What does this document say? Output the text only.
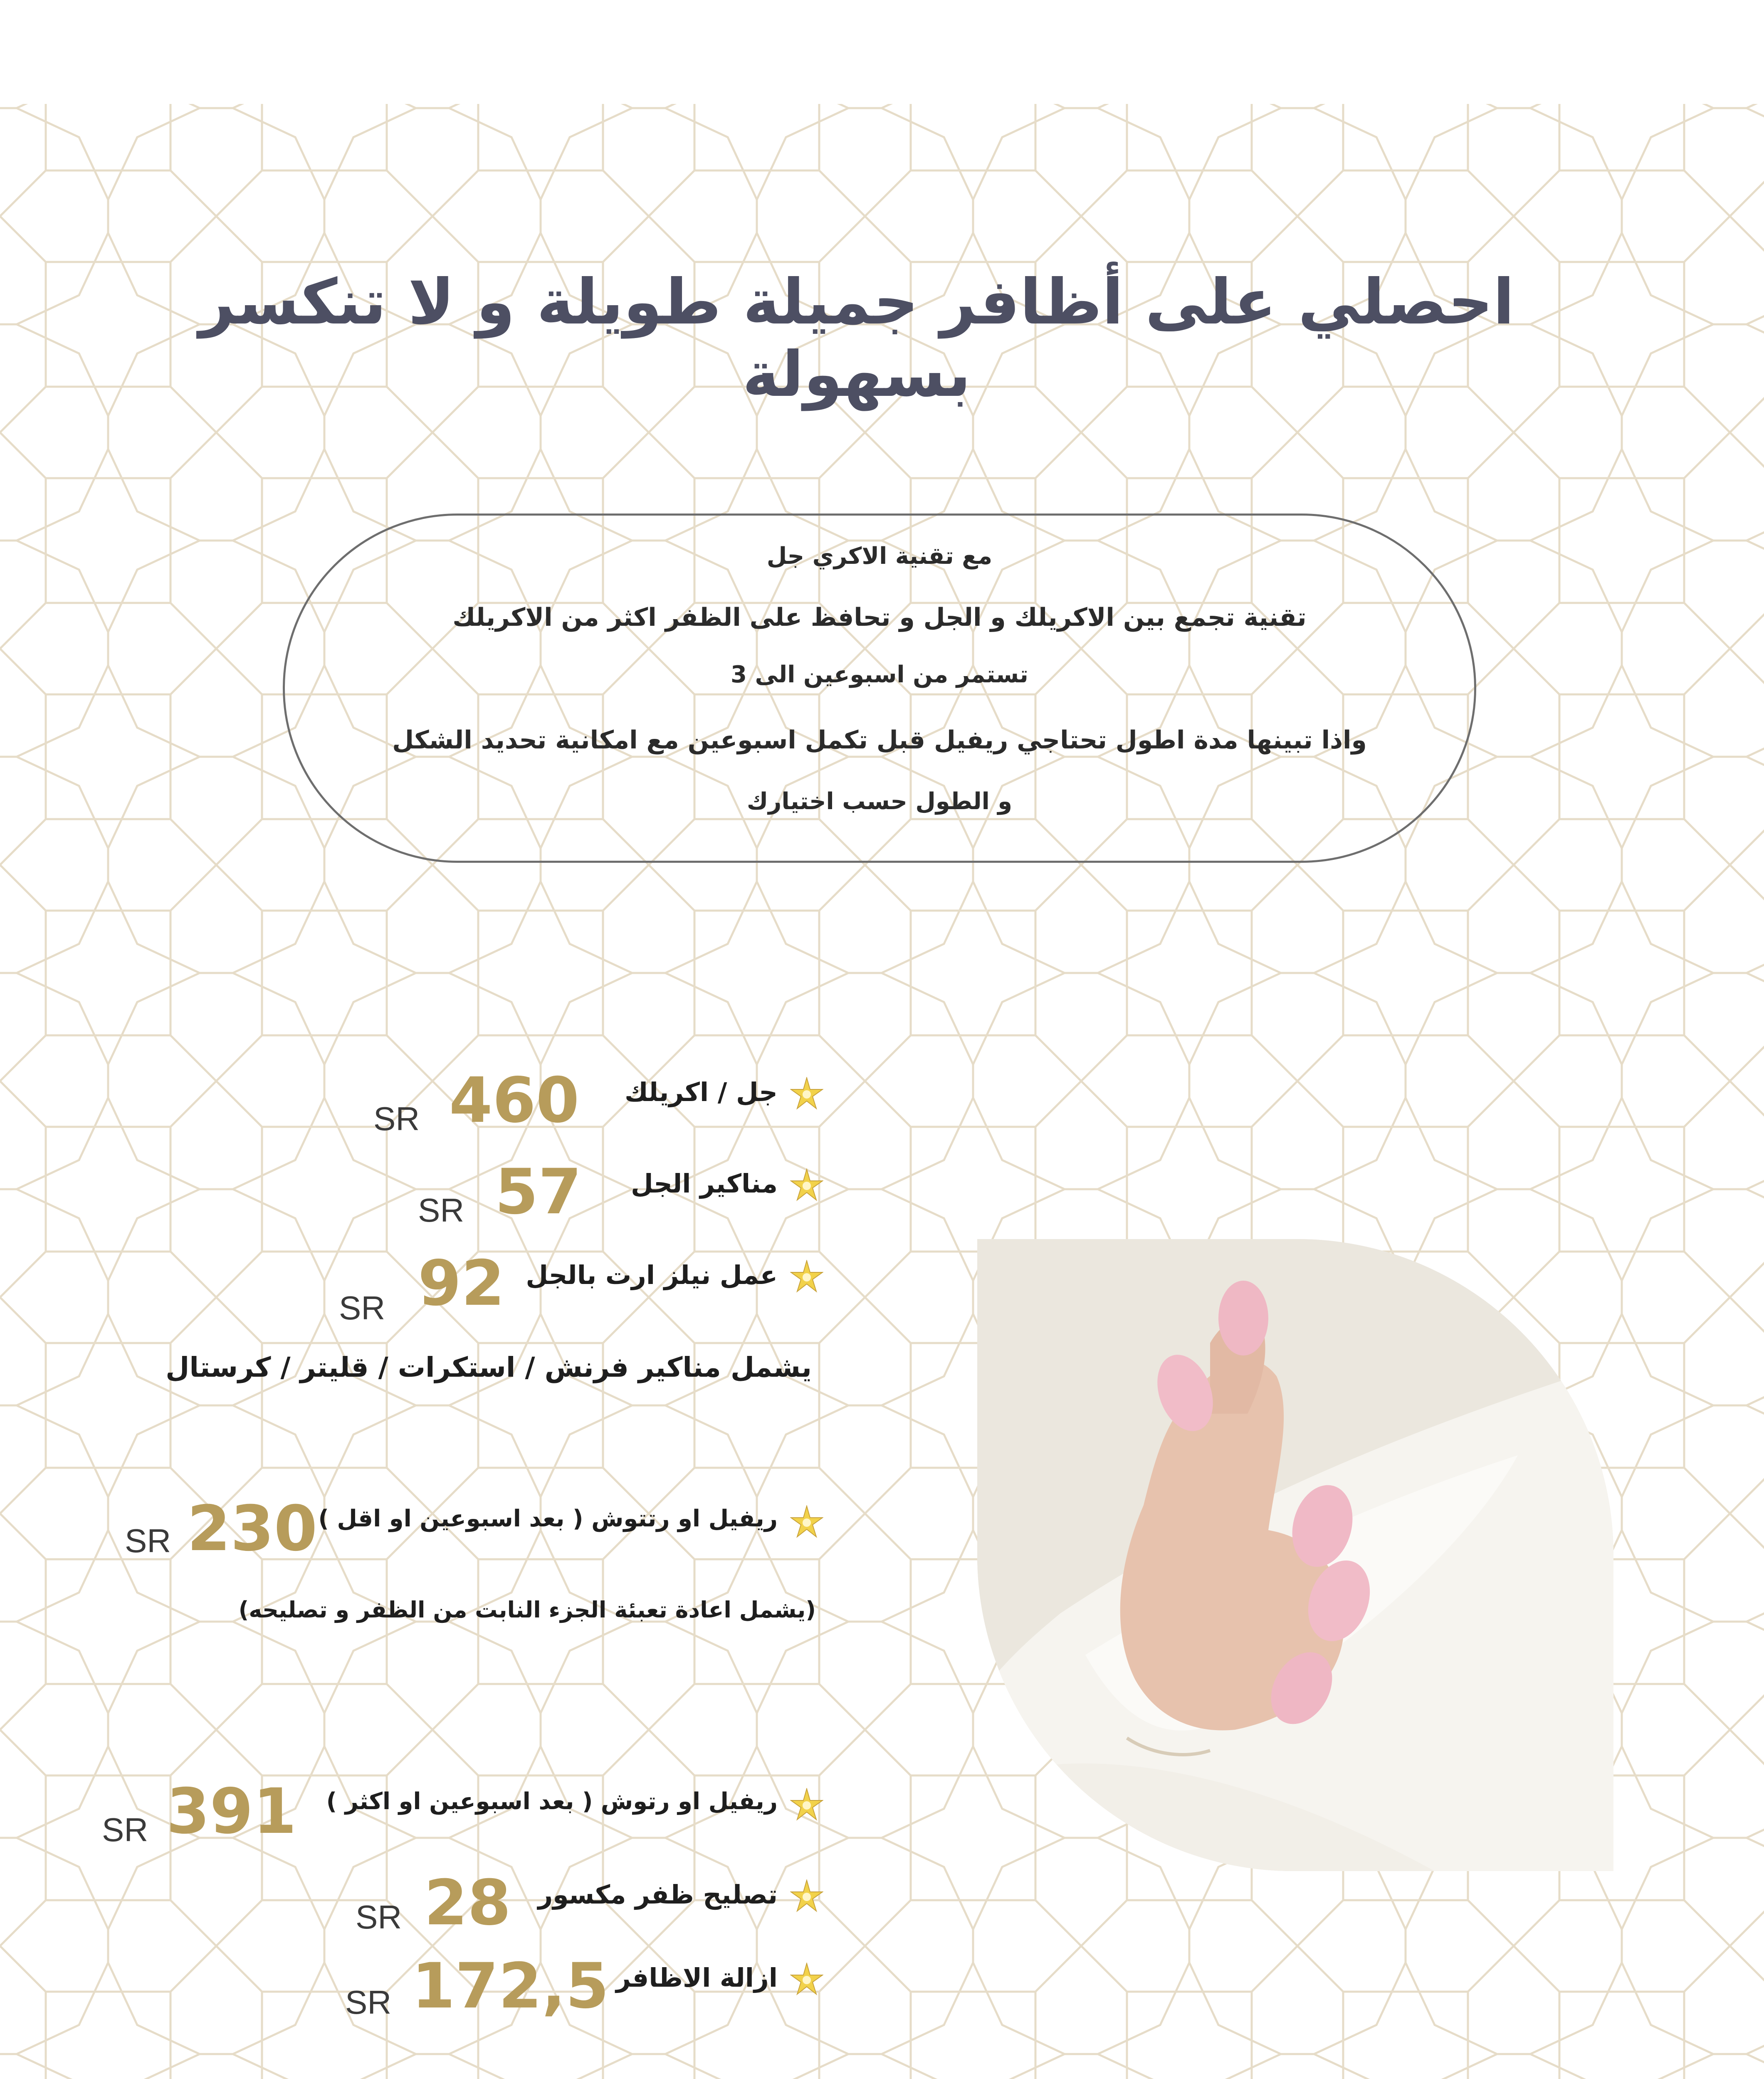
احصلي على أظافر جميلة طويلة و لا تنكسر بسهولة
مع تقنية الاكري جل
تقنية تجمع بين الاكريلك و الجل و تحافظ على الظفر اكثر من الاكريلك
تستمر من اسبوعين الى 3
واذا تبينها مدة اطول تحتاجي ريفيل قبل تكمل اسبوعين مع امكانية تحديد الشكل
و الطول حسب اختيارك
جل / اكريلك
460
SR
مناكير الجل
57
SR
عمل نيلز ارت بالجل
92
SR
يشمل مناكير فرنش / استكرات / قليتر / كرستال
ريفيل او رتتوش ( بعد اسبوعين او اقل )
230
SR
(يشمل اعادة تعبئة الجزء النابت من الظفر و تصليحه)
ريفيل او رتوش ( بعد اسبوعين او اكثر )
391
SR
تصليح ظفر مكسور
28
SR
ازالة الاظافر
172,5
SR
